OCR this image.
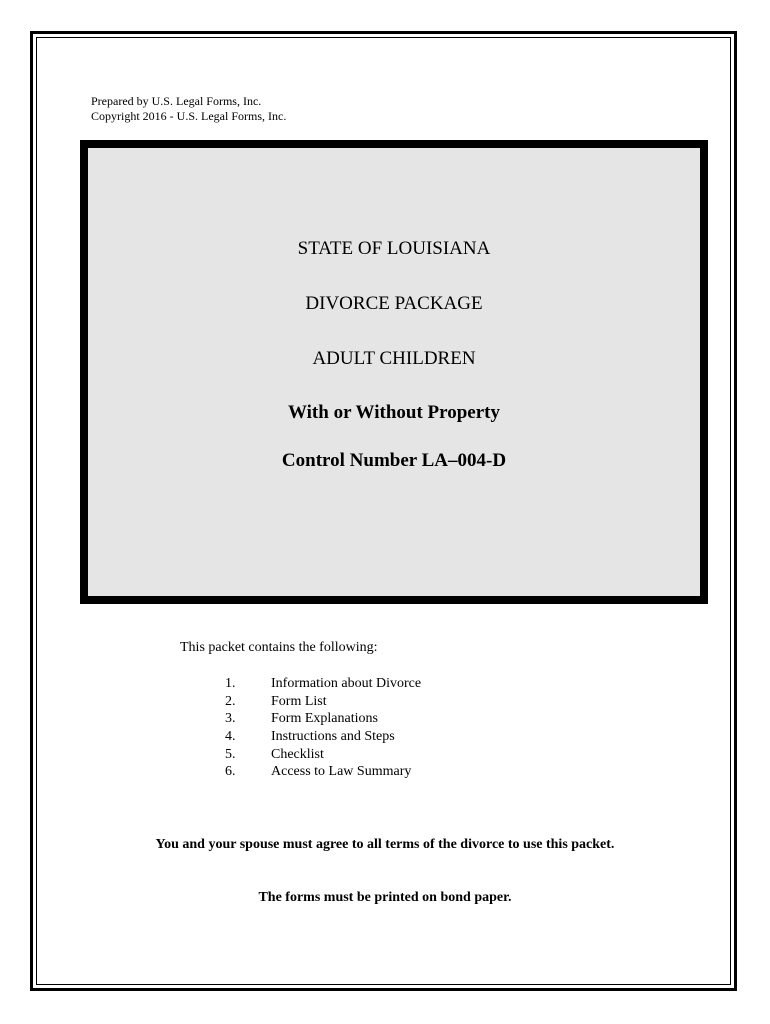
Prepared by U.S. Legal Forms, Inc.
Copyright 2016 - U.S. Legal Forms, Inc.
STATE OF LOUISIANA
DIVORCE PACKAGE
ADULT CHILDREN
With or Without Property
Control Number LA–004-D
This packet contains the following:
1.	Information about Divorce
2.	Form List
3.	Form Explanations
4.	Instructions and Steps
5.	Checklist
6.	Access to Law Summary
You and your spouse must agree to all terms of the divorce to use this packet.
The forms must be printed on bond paper.
